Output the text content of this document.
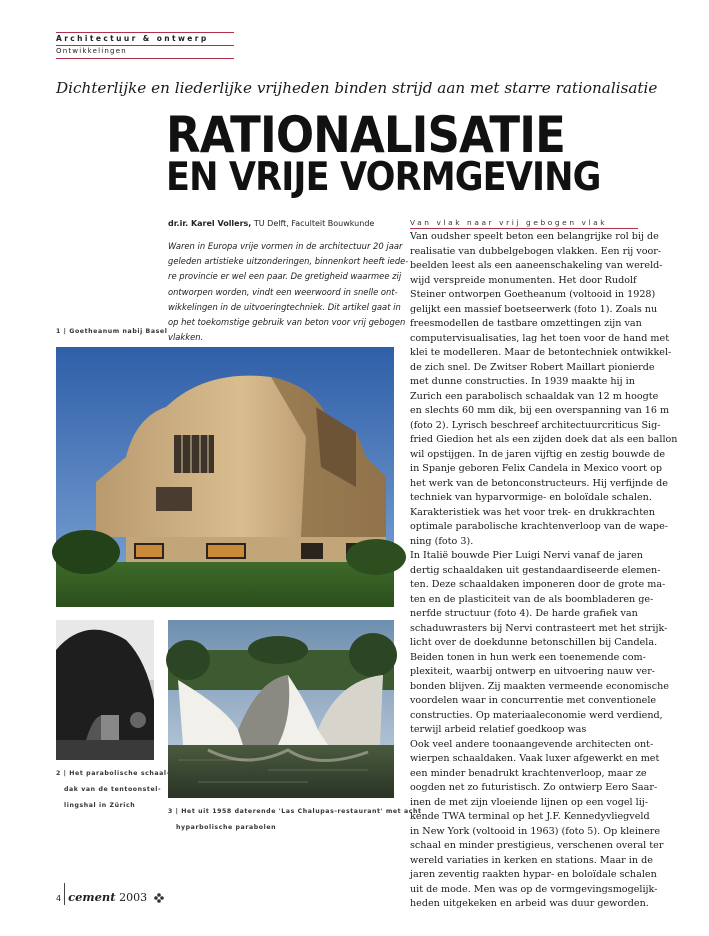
Architectuur & ontwerp
Ontwikkelingen
Dichterlijke en liederlijke vrijheden binden strijd aan met starre rationalisatie
RATIONALISATIE
EN VRIJE VORMGEVING
dr.ir. Karel Vollers, TU Delft, Faculteit Bouwkunde
Waren in Europa vrije vormen in de architectuur 20 jaar
geleden artistieke uitzonderingen, binnenkort heeft iede-
re provincie er wel een paar. De gretigheid waarmee zij
ontworpen worden, vindt een weerwoord in snelle ont-
wikkelingen in de uitvoeringtechniek. Dit artikel gaat in
op het toekomstige gebruik van beton voor vrij gebogen
vlakken.
1 | Goetheanum nabij Basel
Van vlak naar vrij gebogen vlak
Van oudsher speelt beton een belangrijke rol bij de
realisatie van dubbelgebogen vlakken. Een rij voor-
beelden leest als een aaneenschakeling van wereld-
wijd verspreide monumenten. Het door Rudolf
Steiner ontworpen Goetheanum (voltooid in 1928)
gelijkt een massief boetseerwerk (foto 1). Zoals nu
freesmodellen de tastbare omzettingen zijn van
computervisualisaties, lag het toen voor de hand met
klei te modelleren. Maar de betontechniek ontwikkel-
de zich snel. De Zwitser Robert Maillart pionierde
met dunne constructies. In 1939 maakte hij in
Zurich een parabolisch schaaldak van 12 m hoogte
en slechts 60 mm dik, bij een overspanning van 16 m
(foto 2). Lyrisch beschreef architectuurcriticus Sig-
fried Giedion het als een zijden doek dat als een ballon
wil opstijgen. In de jaren vijftig en zestig bouwde de
in Spanje geboren Felix Candela in Mexico voort op
het werk van de betonconstructeurs. Hij verfijnde de
techniek van hyparvormige- en boloïdale schalen.
Karakteristiek was het voor trek- en drukkrachten
optimale parabolische krachtenverloop van de wape-
ning (foto 3).
In Italië bouwde Pier Luigi Nervi vanaf de jaren
dertig schaaldaken uit gestandaardiseerde elemen-
ten. Deze schaaldaken imponeren door de grote ma-
ten en de plasticiteit van de als boombladeren ge-
nerfde structuur (foto 4). De harde grafiek van
schaduwrasters bij Nervi contrasteert met het strijk-
licht over de doekdunne betonschillen bij Candela.
Beiden tonen in hun werk een toenemende com-
plexiteit, waarbij ontwerp en uitvoering nauw ver-
bonden blijven. Zij maakten vermeende economische
voordelen waar in concurrentie met conventionele
constructies. Op materiaaleconomie werd verdiend,
terwijl arbeid relatief goedkoop was
Ook veel andere toonaangevende architecten ont-
wierpen schaaldaken. Vaak luxer afgewerkt en met
een minder benadrukt krachtenverloop, maar ze
oogden net zo futuristisch. Zo ontwierp Eero Saar-
inen de met zijn vloeiende lijnen op een vogel lij-
kende TWA terminal op het J.F. Kennedyvliegveld
in New York (voltooid in 1963) (foto 5). Op kleinere
schaal en minder prestigieus, verschenen overal ter
wereld variaties in kerken en stations. Maar in de
jaren zeventig raakten hypar- en boloïdale schalen
uit de mode. Men was op de vormgevingsmogelijk-
heden uitgekeken en arbeid was duur geworden.
2 | Het parabolische schaal-
dak van de tentoonstel-
lingshal in Zürich
3 | Het uit 1958 daterende 'Las Chalupas-restaurant' met acht
hyparbolische parabolen
4 cement 2003
